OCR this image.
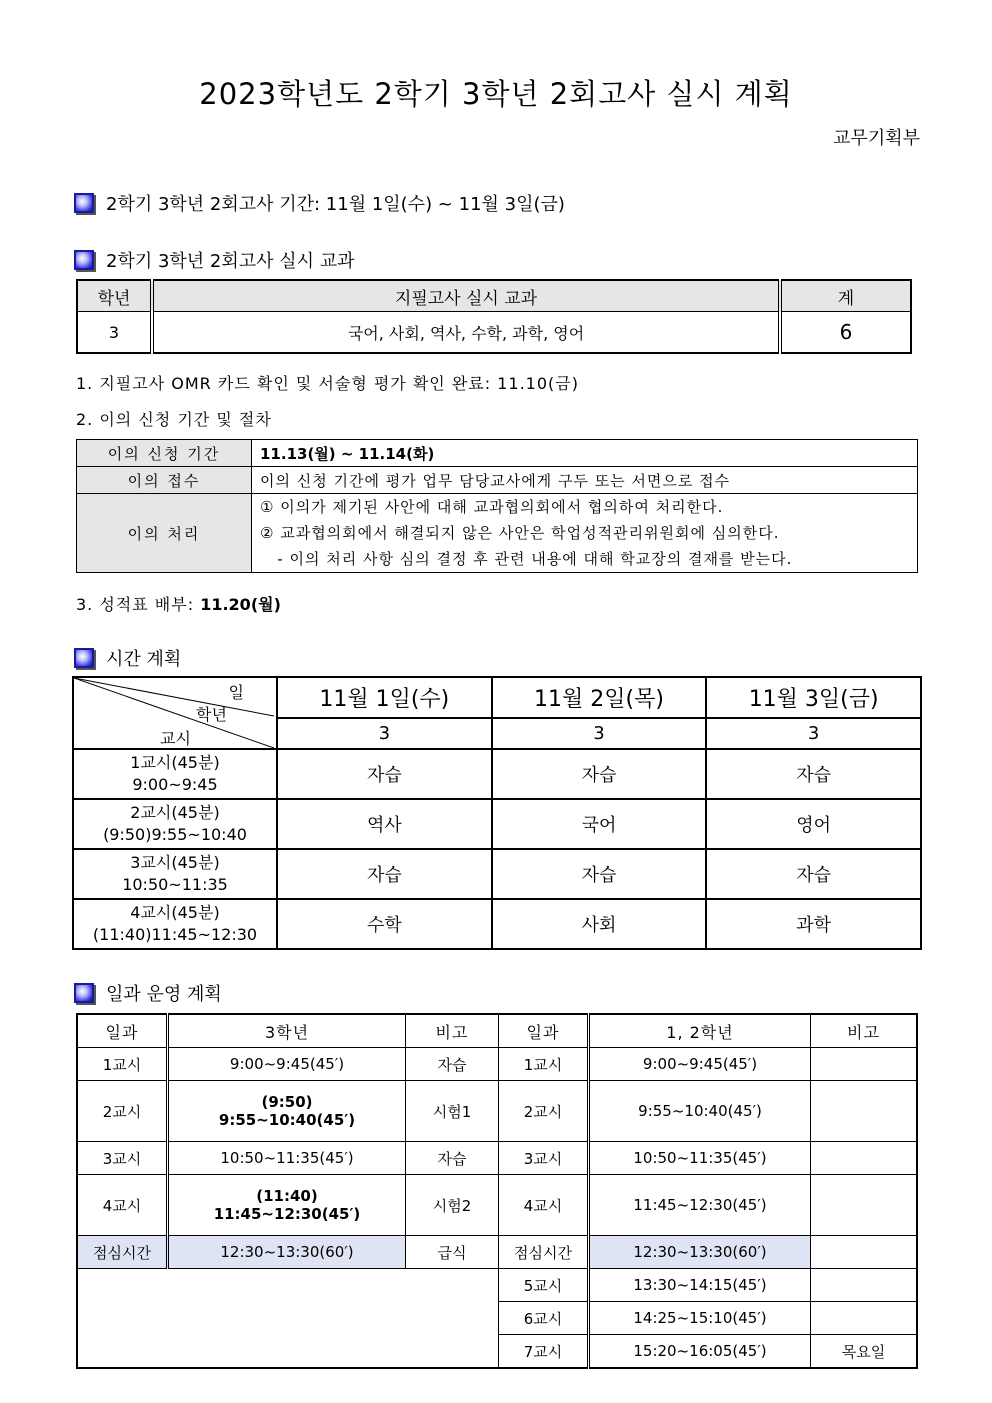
2023학년도 2학기 3학년 2회고사 실시 계획
교무기획부
2학기 3학년 2회고사 기간: 11월 1일(수) ~ 11월 3일(금)
2학기 3학년 2회고사 실시 교과
학년	지필고사 실시 교과	계
3	국어, 사회, 역사, 수학, 과학, 영어	6
1. 지필고사 OMR 카드 확인 및 서술형 평가 확인 완료: 11.10(금)
2. 이의 신청 기간 및 절차
이의 신청 기간	11.13(월) ~ 11.14(화)
이의 접수	이의 신청 기간에 평가 업무 담당교사에게 구두 또는 서면으로 접수
이의 처리	① 이의가 제기된 사안에 대해 교과협의회에서 협의하여 처리한다.
② 교과협의회에서 해결되지 않은 사안은 학업성적관리위원회에 심의한다.
- 이의 처리 사항 심의 결정 후 관련 내용에 대해 학교장의 결재를 받는다.
3. 성적표 배부: 11.20(월)
시간 계획
일
학년
교시	11월 1일(수)	11월 2일(목)	11월 3일(금)
	3	3	3

1교시(45분)
9:00~9:45	자습	자습	자습

2교시(45분)
(9:50)9:55~10:40	역사	국어	영어

3교시(45분)
10:50~11:35	자습	자습	자습

4교시(45분)
(11:40)11:45~12:30	수학	사회	과학
일과 운영 계획
일과	3학년	비고	일과	1, 2학년	비고
1교시	9:00~9:45(45′)	자습	1교시	9:00~9:45(45′)	
2교시	(9:50)
9:55~10:40(45′)	시험1	2교시	9:55~10:40(45′)	
3교시	10:50~11:35(45′)	자습	3교시	10:50~11:35(45′)	
4교시	(11:40)
11:45~12:30(45′)	시험2	4교시	11:45~12:30(45′)	
점심시간	12:30~13:30(60′)	급식	점심시간	12:30~13:30(60′)	
			5교시	13:30~14:15(45′)	
			6교시	14:25~15:10(45′)	
			7교시	15:20~16:05(45′)	목요일
